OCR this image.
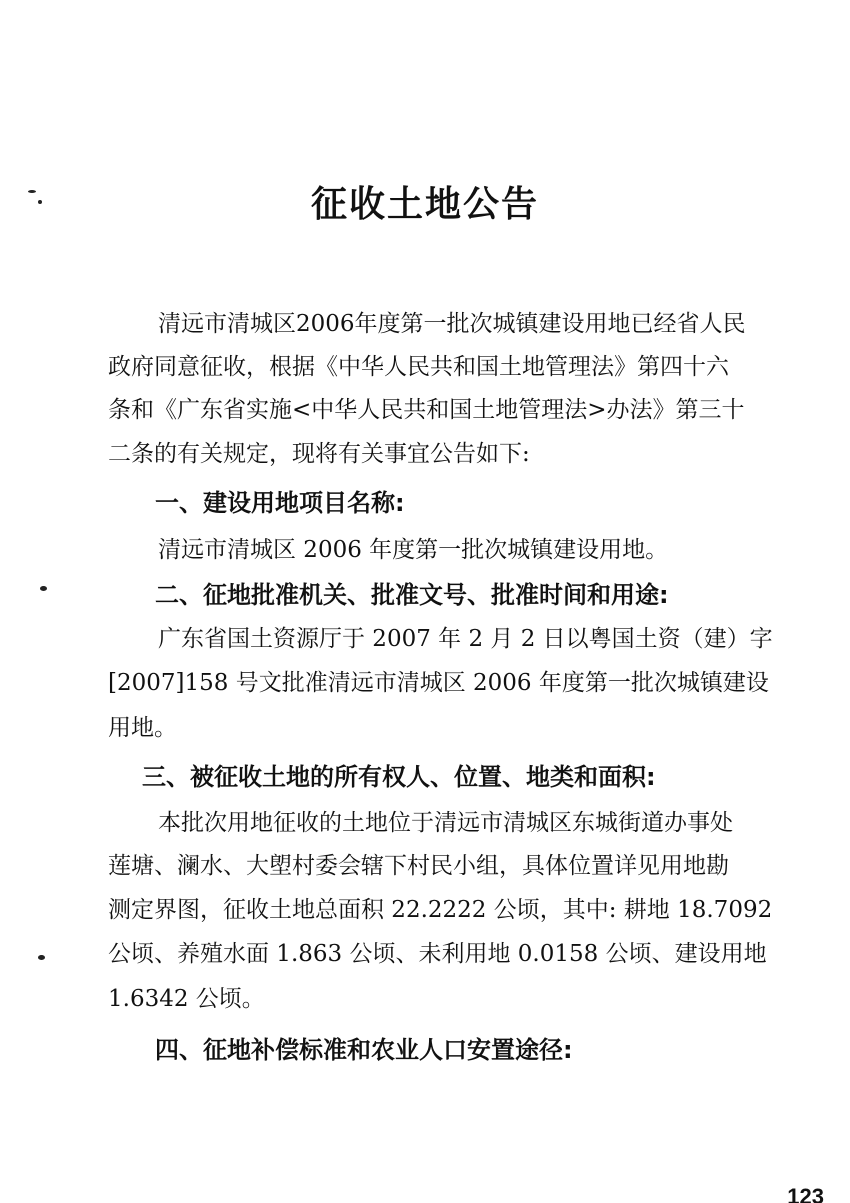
征收土地公告

清远市清城区2006年度第一批次城镇建设用地已经省人民

政府同意征收，根据《中华人民共和国土地管理法》第四十六

条和《广东省实施<中华人民共和国土地管理法>办法》第三十

二条的有关规定，现将有关事宜公告如下:

一、建设用地项目名称:

清远市清城区 2006 年度第一批次城镇建设用地。

二、征地批准机关、批准文号、批准时间和用途:

广东省国土资源厅于 2007 年 2 月 2 日以粤国土资（建）字

[2007]158 号文批准清远市清城区 2006 年度第一批次城镇建设

用地。

三、被征收土地的所有权人、位置、地类和面积:

本批次用地征收的土地位于清远市清城区东城街道办事处

莲塘、澜水、大塱村委会辖下村民小组，具体位置详见用地勘

测定界图，征收土地总面积 22.2222 公顷，其中: 耕地 18.7092

公顷、养殖水面 1.863 公顷、未利用地 0.0158 公顷、建设用地

1.6342 公顷。

四、征地补偿标准和农业人口安置途径:
123
